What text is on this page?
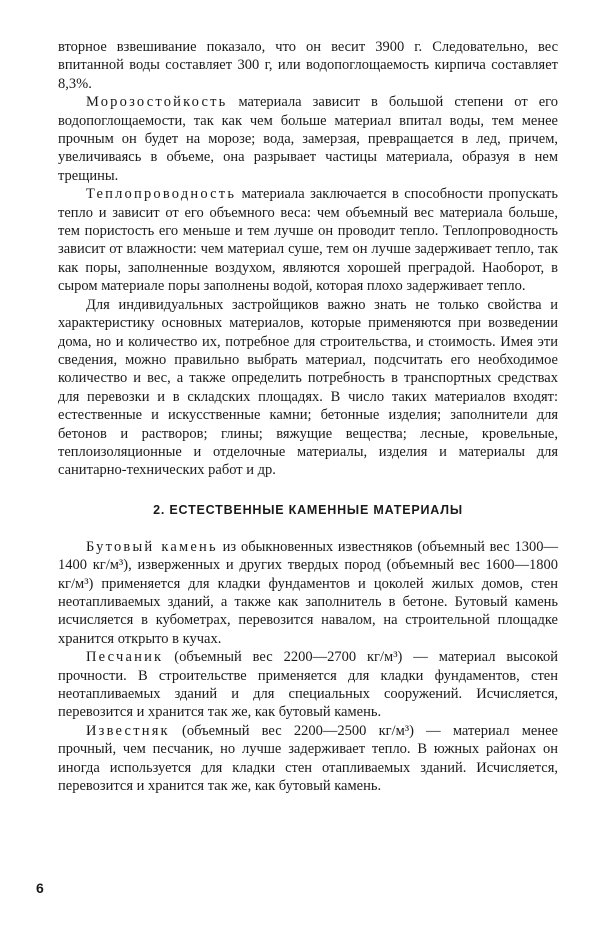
вторное взвешивание показало, что он весит 3900 г. Следовательно, вес впитанной воды составляет 300 г, или водопоглощаемость кирпича составляет 8,3%.

Морозостойкость материала зависит в большой степени от его водопоглощаемости, так как чем больше материал впитал воды, тем менее прочным он будет на морозе; вода, замерзая, превращается в лед, причем, увеличиваясь в объеме, она разрывает частицы материала, образуя в нем трещины.

Теплопроводность материала заключается в способности пропускать тепло и зависит от его объемного веса: чем объемный вес материала больше, тем пористость его меньше и тем лучше он проводит тепло. Теплопроводность зависит от влажности: чем материал суше, тем он лучше задерживает тепло, так как поры, заполненные воздухом, являются хорошей преградой. Наоборот, в сыром материале поры заполнены водой, которая плохо задерживает тепло.

Для индивидуальных застройщиков важно знать не только свойства и характеристику основных материалов, которые применяются при возведении дома, но и количество их, потребное для строительства, и стоимость. Имея эти сведения, можно правильно выбрать материал, подсчитать его необходимое количество и вес, а также определить потребность в транспортных средствах для перевозки и в складских площадях. В число таких материалов входят: естественные и искусственные камни; бетонные изделия; заполнители для бетонов и растворов; глины; вяжущие вещества; лесные, кровельные, теплоизоляционные и отделочные материалы, изделия и материалы для санитарно-технических работ и др.

2. ЕСТЕСТВЕННЫЕ КАМЕННЫЕ МАТЕРИАЛЫ

Бутовый камень из обыкновенных известняков (объемный вес 1300—1400 кг/м³), изверженных и других твердых пород (объемный вес 1600—1800 кг/м³) применяется для кладки фундаментов и цоколей жилых домов, стен неотапливаемых зданий, а также как заполнитель в бетоне. Бутовый камень исчисляется в кубометрах, перевозится навалом, на строительной площадке хранится открыто в кучах.

Песчаник (объемный вес 2200—2700 кг/м³) — материал высокой прочности. В строительстве применяется для кладки фундаментов, стен неотапливаемых зданий и для специальных сооружений. Исчисляется, перевозится и хранится так же, как бутовый камень.

Известняк (объемный вес 2200—2500 кг/м³) — материал менее прочный, чем песчаник, но лучше задерживает тепло. В южных районах он иногда используется для кладки стен отапливаемых зданий. Исчисляется, перевозится и хранится так же, как бутовый камень.

6
